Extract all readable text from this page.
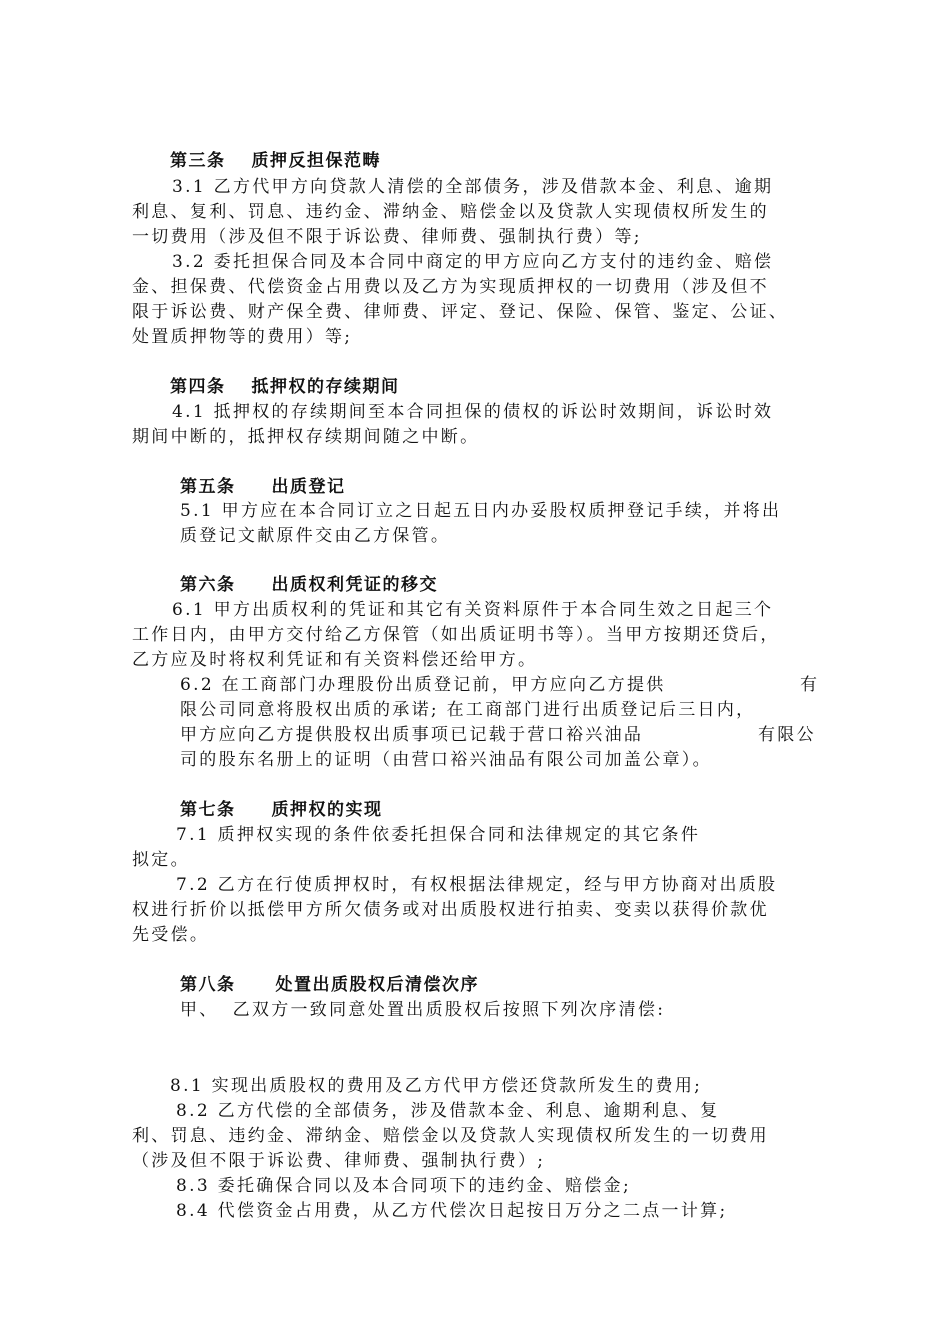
第三条 质押反担保范畴
3.1 乙方代甲方向贷款人清偿的全部债务，涉及借款本金、利息、逾期
利息、复利、罚息、违约金、滞纳金、赔偿金以及贷款人实现债权所发生的
一切费用（涉及但不限于诉讼费、律师费、强制执行费）等;
3.2 委托担保合同及本合同中商定的甲方应向乙方支付的违约金、赔偿
金、担保费、代偿资金占用费以及乙方为实现质押权的一切费用（涉及但不
限于诉讼费、财产保全费、律师费、评定、登记、保险、保管、鉴定、公证、
处置质押物等的费用）等;
第四条 抵押权的存续期间
4.1 抵押权的存续期间至本合同担保的债权的诉讼时效期间，诉讼时效
期间中断的，抵押权存续期间随之中断。
第五条 出质登记
5.1 甲方应在本合同订立之日起五日内办妥股权质押登记手续，并将出
质登记文献原件交由乙方保管。
第六条 出质权利凭证的移交
6.1 甲方出质权利的凭证和其它有关资料原件于本合同生效之日起三个
工作日内，由甲方交付给乙方保管（如出质证明书等）。当甲方按期还贷后，
乙方应及时将权利凭证和有关资料偿还给甲方。
6.2 在工商部门办理股份出质登记前，甲方应向乙方提供	有
限公司同意将股权出质的承诺; 在工商部门进行出质登记后三日内，
甲方应向乙方提供股权出质事项已记载于营口裕兴油品	有限公
司的股东名册上的证明（由营口裕兴油品有限公司加盖公章）。
第七条 质押权的实现
7.1 质押权实现的条件依委托担保合同和法律规定的其它条件
拟定。
7.2 乙方在行使质押权时，有权根据法律规定，经与甲方协商对出质股
权进行折价以抵偿甲方所欠债务或对出质股权进行拍卖、变卖以获得价款优
先受偿。
第八条 处置出质股权后清偿次序
甲、 乙双方一致同意处置出质股权后按照下列次序清偿:
8.1 实现出质股权的费用及乙方代甲方偿还贷款所发生的费用;
8.2 乙方代偿的全部债务，涉及借款本金、利息、逾期利息、复
利、罚息、违约金、滞纳金、赔偿金以及贷款人实现债权所发生的一切费用
（涉及但不限于诉讼费、律师费、强制执行费）;
8.3 委托确保合同以及本合同项下的违约金、赔偿金;
8.4 代偿资金占用费，从乙方代偿次日起按日万分之二点一计算;
